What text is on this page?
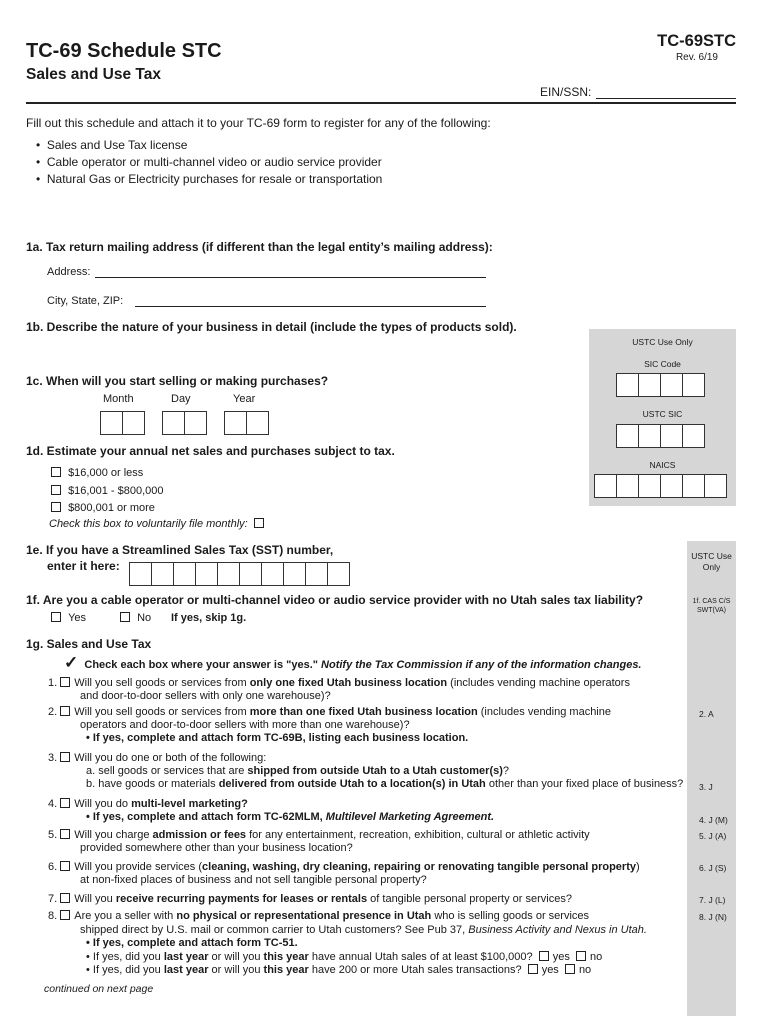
TC-69 Schedule STC
Sales and Use Tax
TC-69STC
Rev. 6/19
EIN/SSN:
Fill out this schedule and attach it to your TC-69 form to register for any of the following:
•  Sales and Use Tax license
•  Cable operator or multi-channel video or audio service provider
•  Natural Gas or Electricity purchases for resale or transportation
1a. Tax return mailing address (if different than the legal entity’s mailing address):
Address:
City, State, ZIP:
1b. Describe the nature of your business in detail (include the types of products sold).
USTC Use Only
SIC Code
USTC SIC
NAICS
1c. When will you start selling or making purchases?
Month	Day	Year
1d. Estimate your annual net sales and purchases subject to tax.
$16,000 or less
$16,001 - $800,000
$800,001 or more
Check this box to voluntarily file monthly:
1e. If you have a Streamlined Sales Tax (SST) number,
enter it here:
USTC Use
Only
1f. CAS C/S
SWT(VA)
2. A
3. J
4. J (M)
5. J (A)
6. J (S)
7. J (L)
8. J (N)
1f. Are you a cable operator or multi-channel video or audio service provider with no Utah sales tax liability?
Yes	No If yes, skip 1g.
1g. Sales and Use Tax
✓ Check each box where your answer is "yes." Notify the Tax Commission if any of the information changes.
1. Will you sell goods or services from only one fixed Utah business location (includes vending machine operators
and door-to-door sellers with only one warehouse)?
2. Will you sell goods or services from more than one fixed Utah business location (includes vending machine
operators and door-to-door sellers with more than one warehouse)?
• If yes, complete and attach form TC-69B, listing each business location.
3. Will you do one or both of the following:
a. sell goods or services that are shipped from outside Utah to a Utah customer(s)?
b. have goods or materials delivered from outside Utah to a location(s) in Utah other than your fixed place of business?
4. Will you do multi-level marketing?
• If yes, complete and attach form TC-62MLM, Multilevel Marketing Agreement.
5. Will you charge admission or fees for any entertainment, recreation, exhibition, cultural or athletic activity
provided somewhere other than your business location?
6. Will you provide services (cleaning, washing, dry cleaning, repairing or renovating tangible personal property)
at non-fixed places of business and not sell tangible personal property?
7. Will you receive recurring payments for leases or rentals of tangible personal property or services?
8. Are you a seller with no physical or representational presence in Utah who is selling goods or services
shipped direct by U.S. mail or common carrier to Utah customers? See Pub 37, Business Activity and Nexus in Utah.
• If yes, complete and attach form TC-51.
• If yes, did you last year or will you this year have annual Utah sales of at least $100,000? yes no
• If yes, did you last year or will you this year have 200 or more Utah sales transactions? yes no
continued on next page
